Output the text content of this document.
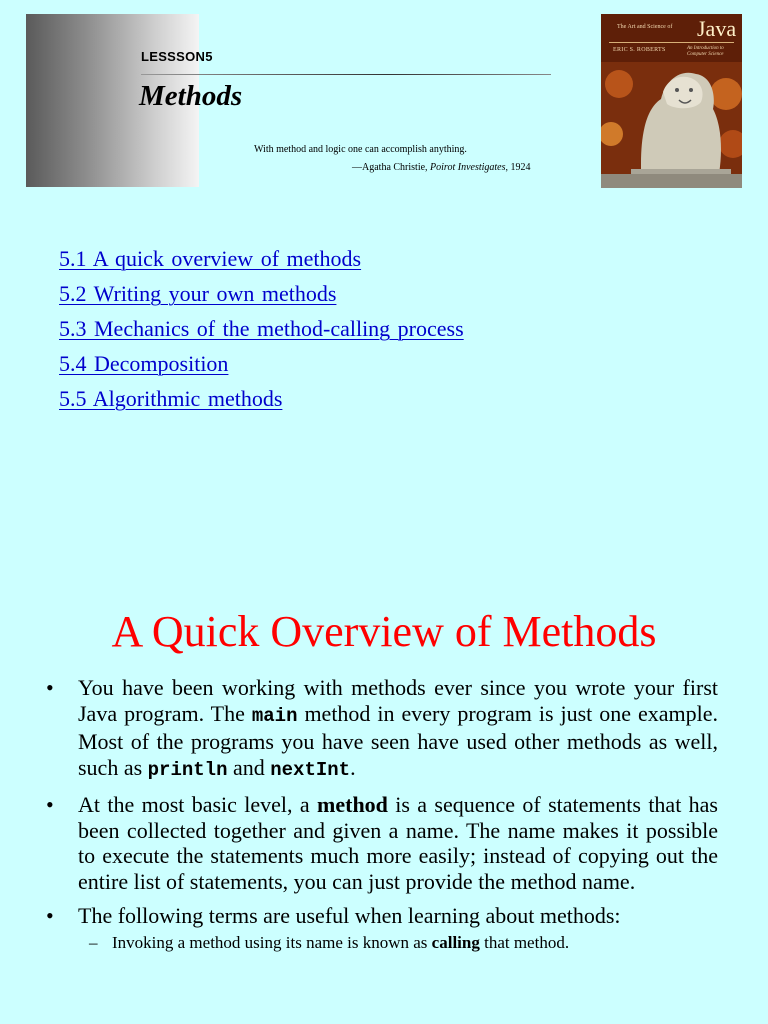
LESSSON5
Methods
With method and logic one can accomplish anything.
—Agatha Christie, Poirot Investigates, 1924
The Art and Science of Java
ERIC S. ROBERTS	An Introduction to Computer Science
5.1 A quick overview of methods
5.2 Writing your own methods
5.3 Mechanics of the method-calling process
5.4 Decomposition
5.5 Algorithmic methods
A Quick Overview of Methods
• You have been working with methods ever since you wrote your first Java program. The main method in every program is just one example. Most of the programs you have seen have used other methods as well, such as println and nextInt.
• At the most basic level, a method is a sequence of statements that has been collected together and given a name. The name makes it possible to execute the statements much more easily; instead of copying out the entire list of statements, you can just provide the method name.
• The following terms are useful when learning about methods:
– Invoking a method using its name is known as calling that method.
